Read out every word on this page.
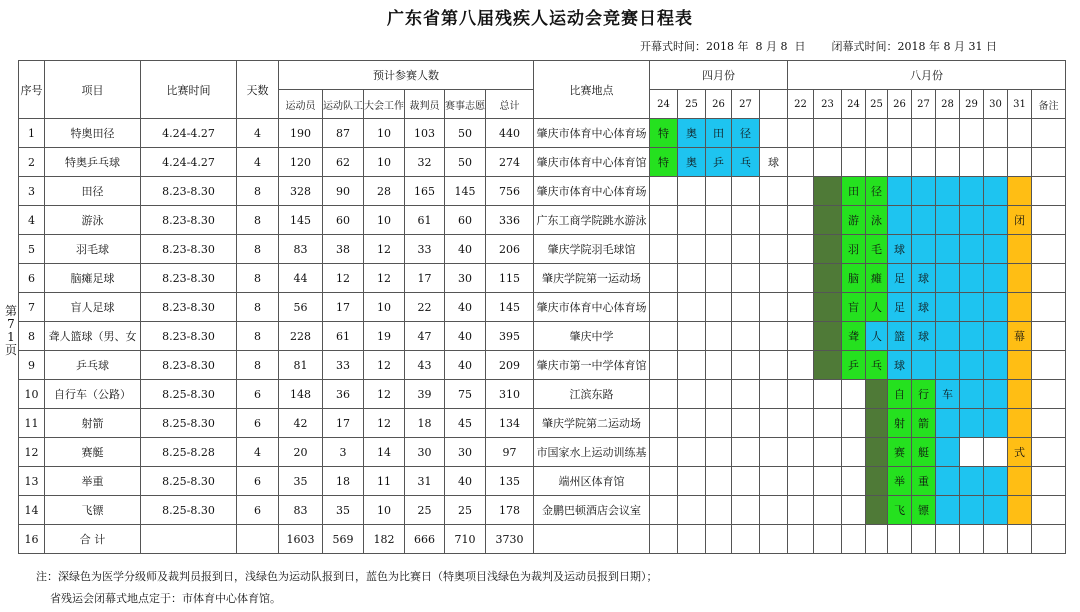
广东省第八届残疾人运动会竞赛日程表
开幕式时间：2018 年  8 月 8  日 闭幕式时间：2018 年 8 月 31 日
序号	项目	比赛时间	天数	预计参赛人数						比赛地点	四月份					八月份										
				运动员	运动队工	大会工作	裁判员	赛事志愿	总计		24	25	26	27		22	23	24	25	26	27	28	29	30	31	备注
1	特奥田径	4.24-4.27	4	190	87	10	103	50	440	肇庆市体育中心体育场	特	奥	田	径												
2	特奥乒乓球	4.24-4.27	4	120	62	10	32	50	274	肇庆市体育中心体育馆	特	奥	乒	乓	球											
3	田径	8.23-8.30	8	328	90	28	165	145	756	肇庆市体育中心体育场								田	径							
4	游泳	8.23-8.30	8	145	60	10	61	60	336	广东工商学院跳水游泳								游	泳						闭	
5	羽毛球	8.23-8.30	8	83	38	12	33	40	206	肇庆学院羽毛球馆								羽	毛	球						
6	脑瘫足球	8.23-8.30	8	44	12	12	17	30	115	肇庆学院第一运动场								脑	瘫	足	球					
7	盲人足球	8.23-8.30	8	56	17	10	22	40	145	肇庆市体育中心体育场								盲	人	足	球					
8	聋人篮球（男、女	8.23-8.30	8	228	61	19	47	40	395	肇庆中学								聋	人	篮	球				幕	
9	乒乓球	8.23-8.30	8	81	33	12	43	40	209	肇庆市第一中学体育馆								乒	乓	球						
10	自行车（公路）	8.25-8.30	6	148	36	12	39	75	310	江滨东路										自	行	车				
11	射箭	8.25-8.30	6	42	17	12	18	45	134	肇庆学院第二运动场										射	箭					
12	赛艇	8.25-8.28	4	20	3	14	30	30	97	市国家水上运动训练基										赛	艇				式	
13	举重	8.25-8.30	6	35	18	11	31	40	135	端州区体育馆										举	重					
14	飞镖	8.25-8.30	6	83	35	10	25	25	178	金鹏巴顿酒店会议室										飞	镖					
16	合 计			1603	569	182	666	710	3730																	
第
7
1
页
注：深绿色为医学分级师及裁判员报到日，浅绿色为运动队报到日，蓝色为比赛日（特奥项目浅绿色为裁判及运动员报到日期）；
省残运会闭幕式地点定于：市体育中心体育馆。
